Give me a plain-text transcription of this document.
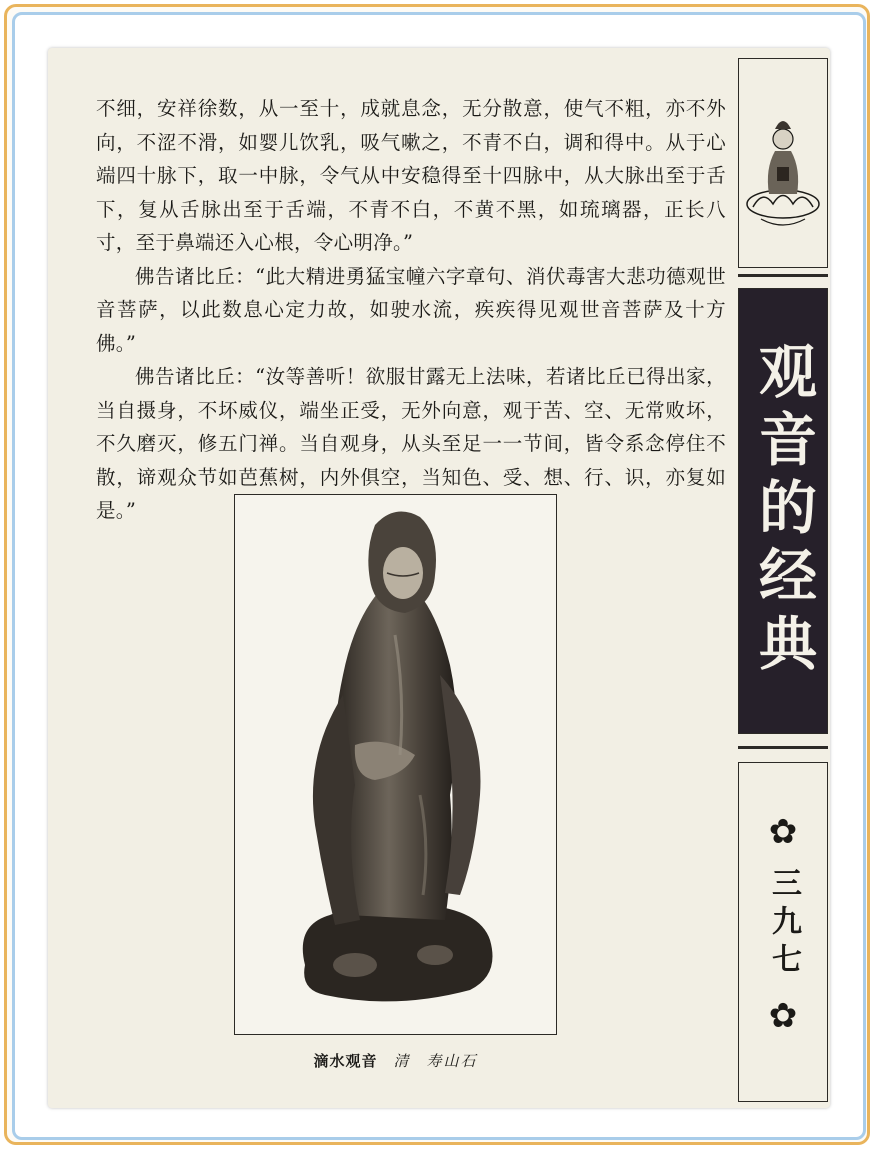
不细，安祥徐数，从一至十，成就息念，无分散意，使气不粗，亦不外向，不涩不滑，如婴儿饮乳，吸气嗽之，不青不白，调和得中。从于心端四十脉下，取一中脉，令气从中安稳得至十四脉中，从大脉出至于舌下，复从舌脉出至于舌端，不青不白，不黄不黑，如琉璃器，正长八寸，至于鼻端还入心根，令心明净。”

佛告诸比丘：“此大精进勇猛宝幢六字章句、消伏毒害大悲功德观世音菩萨，以此数息心定力故，如驶水流，疾疾得见观世音菩萨及十方佛。”

佛告诸比丘：“汝等善听！欲服甘露无上法味，若诸比丘已得出家，当自摄身，不坏威仪，端坐正受，无外向意，观于苦、空、无常败坏，不久磨灭，修五门禅。当自观身，从头至足一一节间，皆令系念停住不散，谛观众节如芭蕉树，内外俱空，当知色、受、想、行、识，亦复如是。”

滴水观音 清 寿山石
观音的经典
✿
三九七
✿
